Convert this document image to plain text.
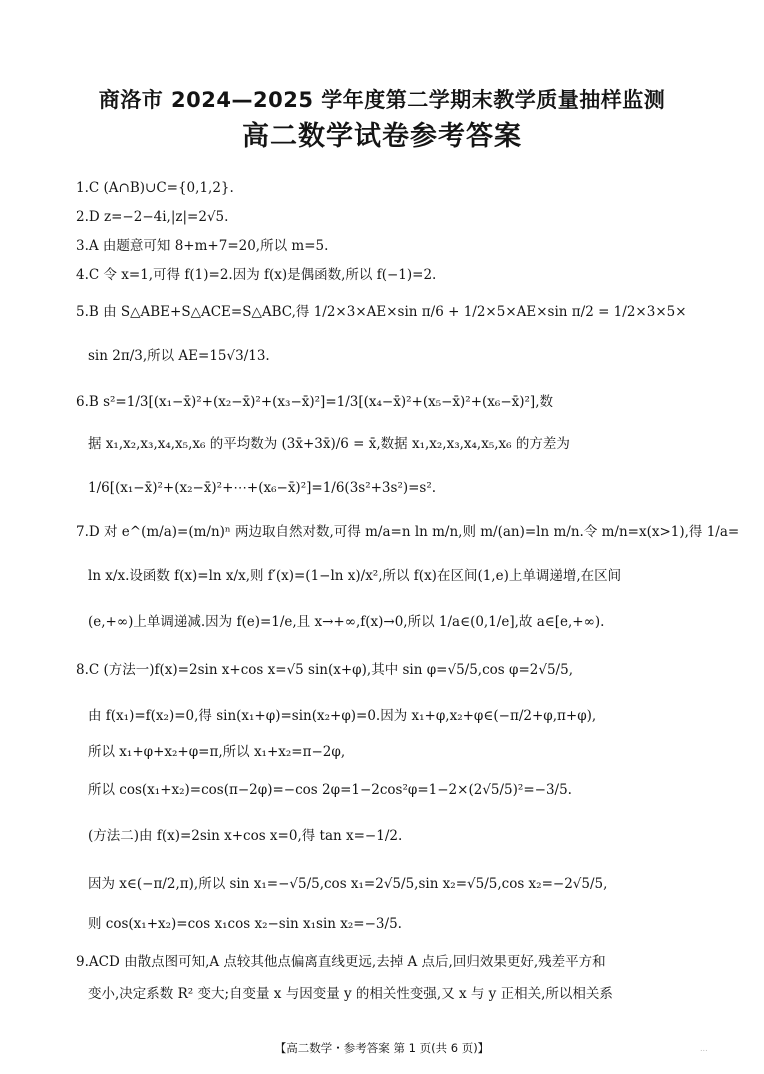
商洛市 2024—2025 学年度第二学期末教学质量抽样监测
高二数学试卷参考答案
1.C (A∩B)∪C={0,1,2}.
2.D z=−2−4i,|z|=2√5.
3.A 由题意可知 8+m+7=20,所以 m=5.
4.C 令 x=1,可得 f(1)=2.因为 f(x)是偶函数,所以 f(−1)=2.
5.B 由 S△ABE+S△ACE=S△ABC,得 1/2×3×AE×sin π/6 + 1/2×5×AE×sin π/2 = 1/2×3×5×
sin 2π/3,所以 AE=15√3/13.
6.B s²=1/3[(x₁−x̄)²+(x₂−x̄)²+(x₃−x̄)²]=1/3[(x₄−x̄)²+(x₅−x̄)²+(x₆−x̄)²],数
据 x₁,x₂,x₃,x₄,x₅,x₆ 的平均数为 (3x̄+3x̄)/6 = x̄,数据 x₁,x₂,x₃,x₄,x₅,x₆ 的方差为
1/6[(x₁−x̄)²+(x₂−x̄)²+⋯+(x₆−x̄)²]=1/6(3s²+3s²)=s².
7.D 对 e^(m/a)=(m/n)ⁿ 两边取自然对数,可得 m/a=n ln m/n,则 m/(an)=ln m/n.令 m/n=x(x>1),得 1/a=
ln x/x.设函数 f(x)=ln x/x,则 f′(x)=(1−ln x)/x²,所以 f(x)在区间(1,e)上单调递增,在区间
(e,+∞)上单调递减.因为 f(e)=1/e,且 x→+∞,f(x)→0,所以 1/a∈(0,1/e],故 a∈[e,+∞).
8.C (方法一)f(x)=2sin x+cos x=√5 sin(x+φ),其中 sin φ=√5/5,cos φ=2√5/5,
由 f(x₁)=f(x₂)=0,得 sin(x₁+φ)=sin(x₂+φ)=0.因为 x₁+φ,x₂+φ∈(−π/2+φ,π+φ),
所以 x₁+φ+x₂+φ=π,所以 x₁+x₂=π−2φ,
所以 cos(x₁+x₂)=cos(π−2φ)=−cos 2φ=1−2cos²φ=1−2×(2√5/5)²=−3/5.
(方法二)由 f(x)=2sin x+cos x=0,得 tan x=−1/2.
因为 x∈(−π/2,π),所以 sin x₁=−√5/5,cos x₁=2√5/5,sin x₂=√5/5,cos x₂=−2√5/5,
则 cos(x₁+x₂)=cos x₁cos x₂−sin x₁sin x₂=−3/5.
9.ACD 由散点图可知,A 点较其他点偏离直线更远,去掉 A 点后,回归效果更好,残差平方和
变小,决定系数 R² 变大;自变量 x 与因变量 y 的相关性变强,又 x 与 y 正相关,所以相关系
【高二数学・参考答案 第 1 页(共 6 页)】	...
